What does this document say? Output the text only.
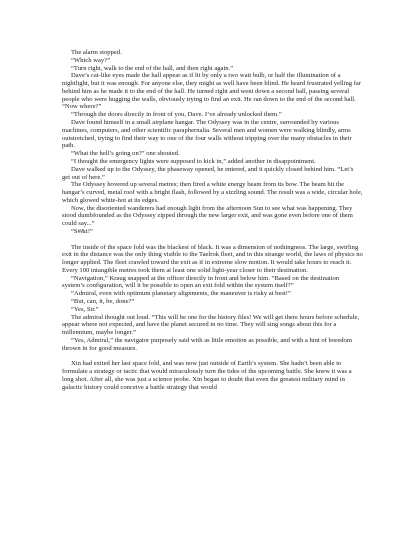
The alarm stopped.

“Which way?”

“Turn right, walk to the end of the hall, and then right again.”

Dave’s cat-like eyes made the hall appear as if lit by only a two watt bulb, or half the illumination of a nightlight, but it was enough. For anyone else, they might as well have been blind. He heard frustrated yelling far behind him as he made it to the end of the hall. He turned right and went down a second hall, passing several people who were hugging the walls, obviously trying to find an exit. He ran down to the end of the second hall. “Now where?”

“Through the doors directly in front of you, Dave. I’ve already unlocked them.”

Dave found himself in a small airplane hangar. The Odyssey was in the centre, surrounded by various machines, computers, and other scientific paraphernalia. Several men and women were walking blindly, arms outstretched, trying to find their way to one of the four walls without tripping over the many obstacles in their path.

“What the hell’s going on?” one shouted.

“I thought the emergency lights were supposed to kick in,” added another in disappointment.

Dave walked up to the Odyssey, the phaseway opened, he entered, and it quickly closed behind him. “Let’s get out of here.”

The Odyssey hovered up several metres; then fired a white energy beam from its bow. The beam hit the hangar’s curved, metal roof with a bright flash, followed by a sizzling sound. The result was a wide, circular hole, which glowed white-hot at its edges.

Now, the disoriented wanderers had enough light from the afternoon Sun to see what was happening. They stood dumbfounded as the Odyssey zipped through the new larger exit, and was gone even before one of them could say...”

“S#&t!”

The inside of the space fold was the blackest of black. It was a dimension of nothingness. The large, swirling exit in the distance was the only thing visible to the Taelrok fleet, and in this strange world, the laws of physics no longer applied. The fleet crawled toward the exit as if in extreme slow motion. It would take hours to reach it. Every 100 intangible metres took them at least one solid light-year closer to their destination.

“Navigation,” Kraug snapped at the officer directly in front and below him. “Based on the destination system’s configuration, will it be possible to open an exit fold within the system itself?”

“Admiral, even with optimum planetary alignments, the maneuver is risky at best!”

“But, can, it, be, done?”

“Yes, Sir.”

The admiral thought out loud. “This will be one for the history files! We will get there hours before schedule, appear where not expected, and have the planet secured in no time. They will sing songs about this for a millennium, maybe longer.”

“Yes, Admiral,” the navigator purposely said with as little emotion as possible, and with a hint of boredom thrown in for good measure.

Xin had exited her last space fold, and was now just outside of Earth’s system. She hadn’t been able to formulate a strategy or tactic that would miraculously turn the tides of the upcoming battle. She knew it was a long shot. After all, she was just a science probe. Xin began to doubt that even the greatest military mind in galactic history could conceive a battle strategy that would
